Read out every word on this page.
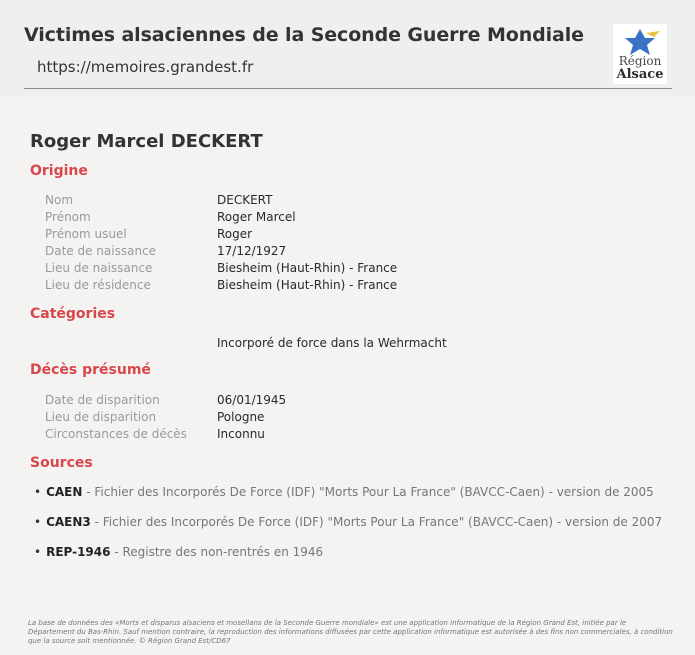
Victimes alsaciennes de la Seconde Guerre Mondiale
https://memoires.grandest.fr	Région
Alsace
Roger Marcel DECKERT
Origine
Nom	DECKERT
Prénom	Roger Marcel
Prénom usuel	Roger
Date de naissance	17/12/1927
Lieu de naissance	Biesheim (Haut-Rhin) - France
Lieu de résidence	Biesheim (Haut-Rhin) - France
Catégories
Incorporé de force dans la Wehrmacht
Décès présumé
Date de disparition	06/01/1945
Lieu de disparition	Pologne
Circonstances de décès	Inconnu
Sources
• CAEN - Fichier des Incorporés De Force (IDF) "Morts Pour La France" (BAVCC-Caen) - version de 2005
• CAEN3 - Fichier des Incorporés De Force (IDF) "Morts Pour La France" (BAVCC-Caen) - version de 2007
• REP-1946 - Registre des non-rentrés en 1946
La base de données des «Morts et disparus alsaciens et mosellans de la Seconde Guerre mondiale» est une application informatique de la Région Grand Est, initiée par le Département du Bas-Rhin. Sauf mention contraire, la reproduction des informations diffusées par cette application informatique est autorisée à des fins non commerciales, à condition que la source soit mentionnée. © Région Grand Est/CD67
